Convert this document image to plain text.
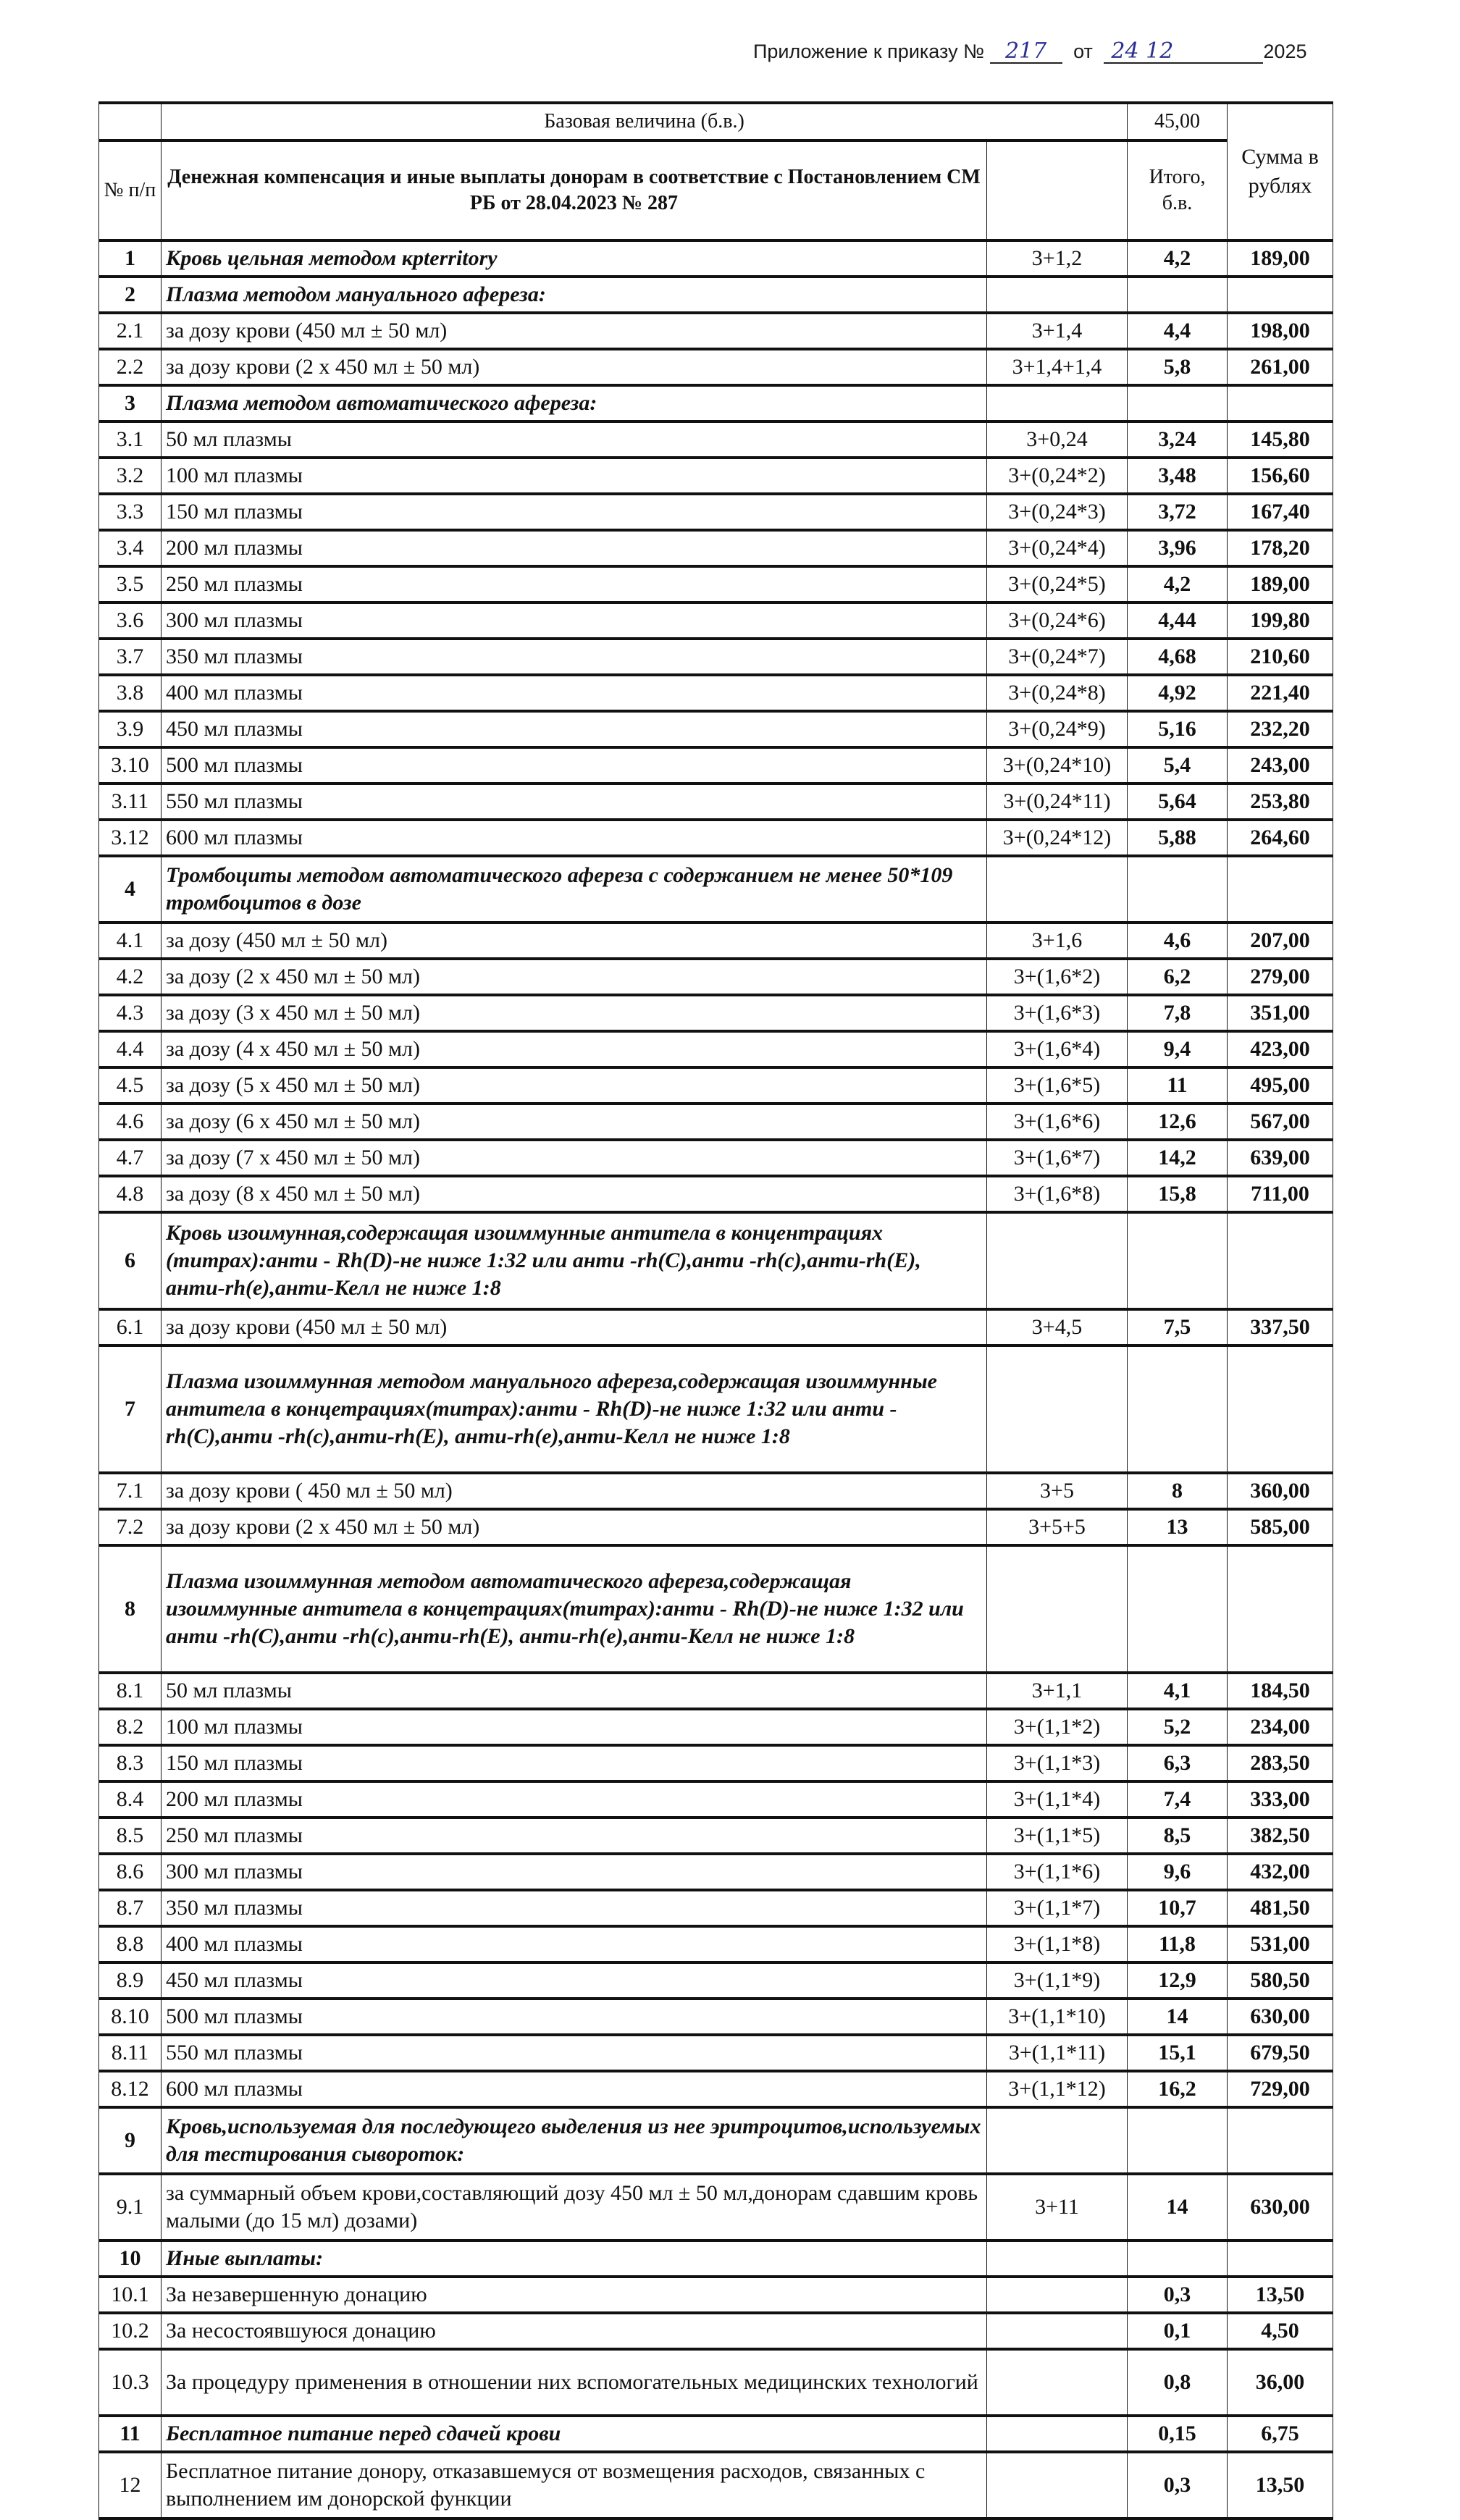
Приложение к приказу № 217 от 24 12	2025
	Базовая величина (б.в.)		45,00	Сумма в рублях
№ п/п	Денежная компенсация и иные выплаты донорам в соответствие с Постановлением СМ РБ от 28.04.2023 № 287		Итого, б.в.	
1	Кровь цельная методом крterritory	3+1,2	4,2	189,00
2	Плазма методом мануального афереза:			
2.1	за дозу крови (450 мл ± 50 мл)	3+1,4	4,4	198,00
2.2	за дозу крови (2 х 450 мл ± 50 мл)	3+1,4+1,4	5,8	261,00
3	Плазма методом автоматического афереза:			
3.1	50 мл плазмы	3+0,24	3,24	145,80
3.2	100 мл плазмы	3+(0,24*2)	3,48	156,60
3.3	150 мл плазмы	3+(0,24*3)	3,72	167,40
3.4	200 мл плазмы	3+(0,24*4)	3,96	178,20
3.5	250 мл плазмы	3+(0,24*5)	4,2	189,00
3.6	300 мл плазмы	3+(0,24*6)	4,44	199,80
3.7	350 мл плазмы	3+(0,24*7)	4,68	210,60
3.8	400 мл плазмы	3+(0,24*8)	4,92	221,40
3.9	450 мл плазмы	3+(0,24*9)	5,16	232,20
3.10	500 мл плазмы	3+(0,24*10)	5,4	243,00
3.11	550 мл плазмы	3+(0,24*11)	5,64	253,80
3.12	600 мл плазмы	3+(0,24*12)	5,88	264,60
4	Тромбоциты методом автоматического афереза с содержанием не менее 50*109 тромбоцитов в дозе			
4.1	за дозу (450 мл ± 50 мл)	3+1,6	4,6	207,00
4.2	за дозу (2 х 450 мл ± 50 мл)	3+(1,6*2)	6,2	279,00
4.3	за дозу (3 х 450 мл ± 50 мл)	3+(1,6*3)	7,8	351,00
4.4	за дозу (4 х 450 мл ± 50 мл)	3+(1,6*4)	9,4	423,00
4.5	за дозу (5 х 450 мл ± 50 мл)	3+(1,6*5)	11	495,00
4.6	за дозу (6 х 450 мл ± 50 мл)	3+(1,6*6)	12,6	567,00
4.7	за дозу (7 х 450 мл ± 50 мл)	3+(1,6*7)	14,2	639,00
4.8	за дозу (8 х 450 мл ± 50 мл)	3+(1,6*8)	15,8	711,00
6	Кровь изоимунная,содержащая изоиммунные антитела в концентрациях (титрах):анти - Rh(D)-не ниже 1:32 или анти -rh(C),анти -rh(c),анти-rh(E), анти-rh(e),анти-Келл не ниже 1:8			
6.1	за дозу крови (450 мл ± 50 мл)	3+4,5	7,5	337,50
7	Плазма изоиммунная методом мануального афереза,содержащая изоиммунные антитела в концетрациях(титрах):анти - Rh(D)-не ниже 1:32 или анти -rh(C),анти -rh(c),анти-rh(E), анти-rh(e),анти-Келл не ниже 1:8			
7.1	за дозу крови ( 450 мл ± 50 мл)	3+5	8	360,00
7.2	за дозу крови (2 х 450 мл ± 50 мл)	3+5+5	13	585,00
8	Плазма изоиммунная методом автоматического афереза,содержащая изоиммунные антитела в концетрациях(титрах):анти - Rh(D)-не ниже 1:32 или анти -rh(C),анти -rh(c),анти-rh(E), анти-rh(e),анти-Келл не ниже 1:8			
8.1	50 мл плазмы	3+1,1	4,1	184,50
8.2	100 мл плазмы	3+(1,1*2)	5,2	234,00
8.3	150 мл плазмы	3+(1,1*3)	6,3	283,50
8.4	200 мл плазмы	3+(1,1*4)	7,4	333,00
8.5	250 мл плазмы	3+(1,1*5)	8,5	382,50
8.6	300 мл плазмы	3+(1,1*6)	9,6	432,00
8.7	350 мл плазмы	3+(1,1*7)	10,7	481,50
8.8	400 мл плазмы	3+(1,1*8)	11,8	531,00
8.9	450 мл плазмы	3+(1,1*9)	12,9	580,50
8.10	500 мл плазмы	3+(1,1*10)	14	630,00
8.11	550 мл плазмы	3+(1,1*11)	15,1	679,50
8.12	600 мл плазмы	3+(1,1*12)	16,2	729,00
9	Кровь,используемая для последующего выделения из нее эритроцитов,используемых для тестирования сывороток:			
9.1	за суммарный объем крови,составляющий дозу 450 мл ± 50 мл,донорам сдавшим кровь малыми (до 15 мл) дозами)	3+11	14	630,00
10	Иные выплаты:			
10.1	За незавершенную донацию		0,3	13,50
10.2	За несостоявшуюся донацию		0,1	4,50
10.3	За процедуру применения в отношении них вспомогательных медицинских технологий		0,8	36,00
11	Бесплатное питание перед сдачей крови		0,15	6,75
12	Бесплатное питание донору, отказавшемуся от возмещения расходов, связанных с выполнением им донорской функции		0,3	13,50
